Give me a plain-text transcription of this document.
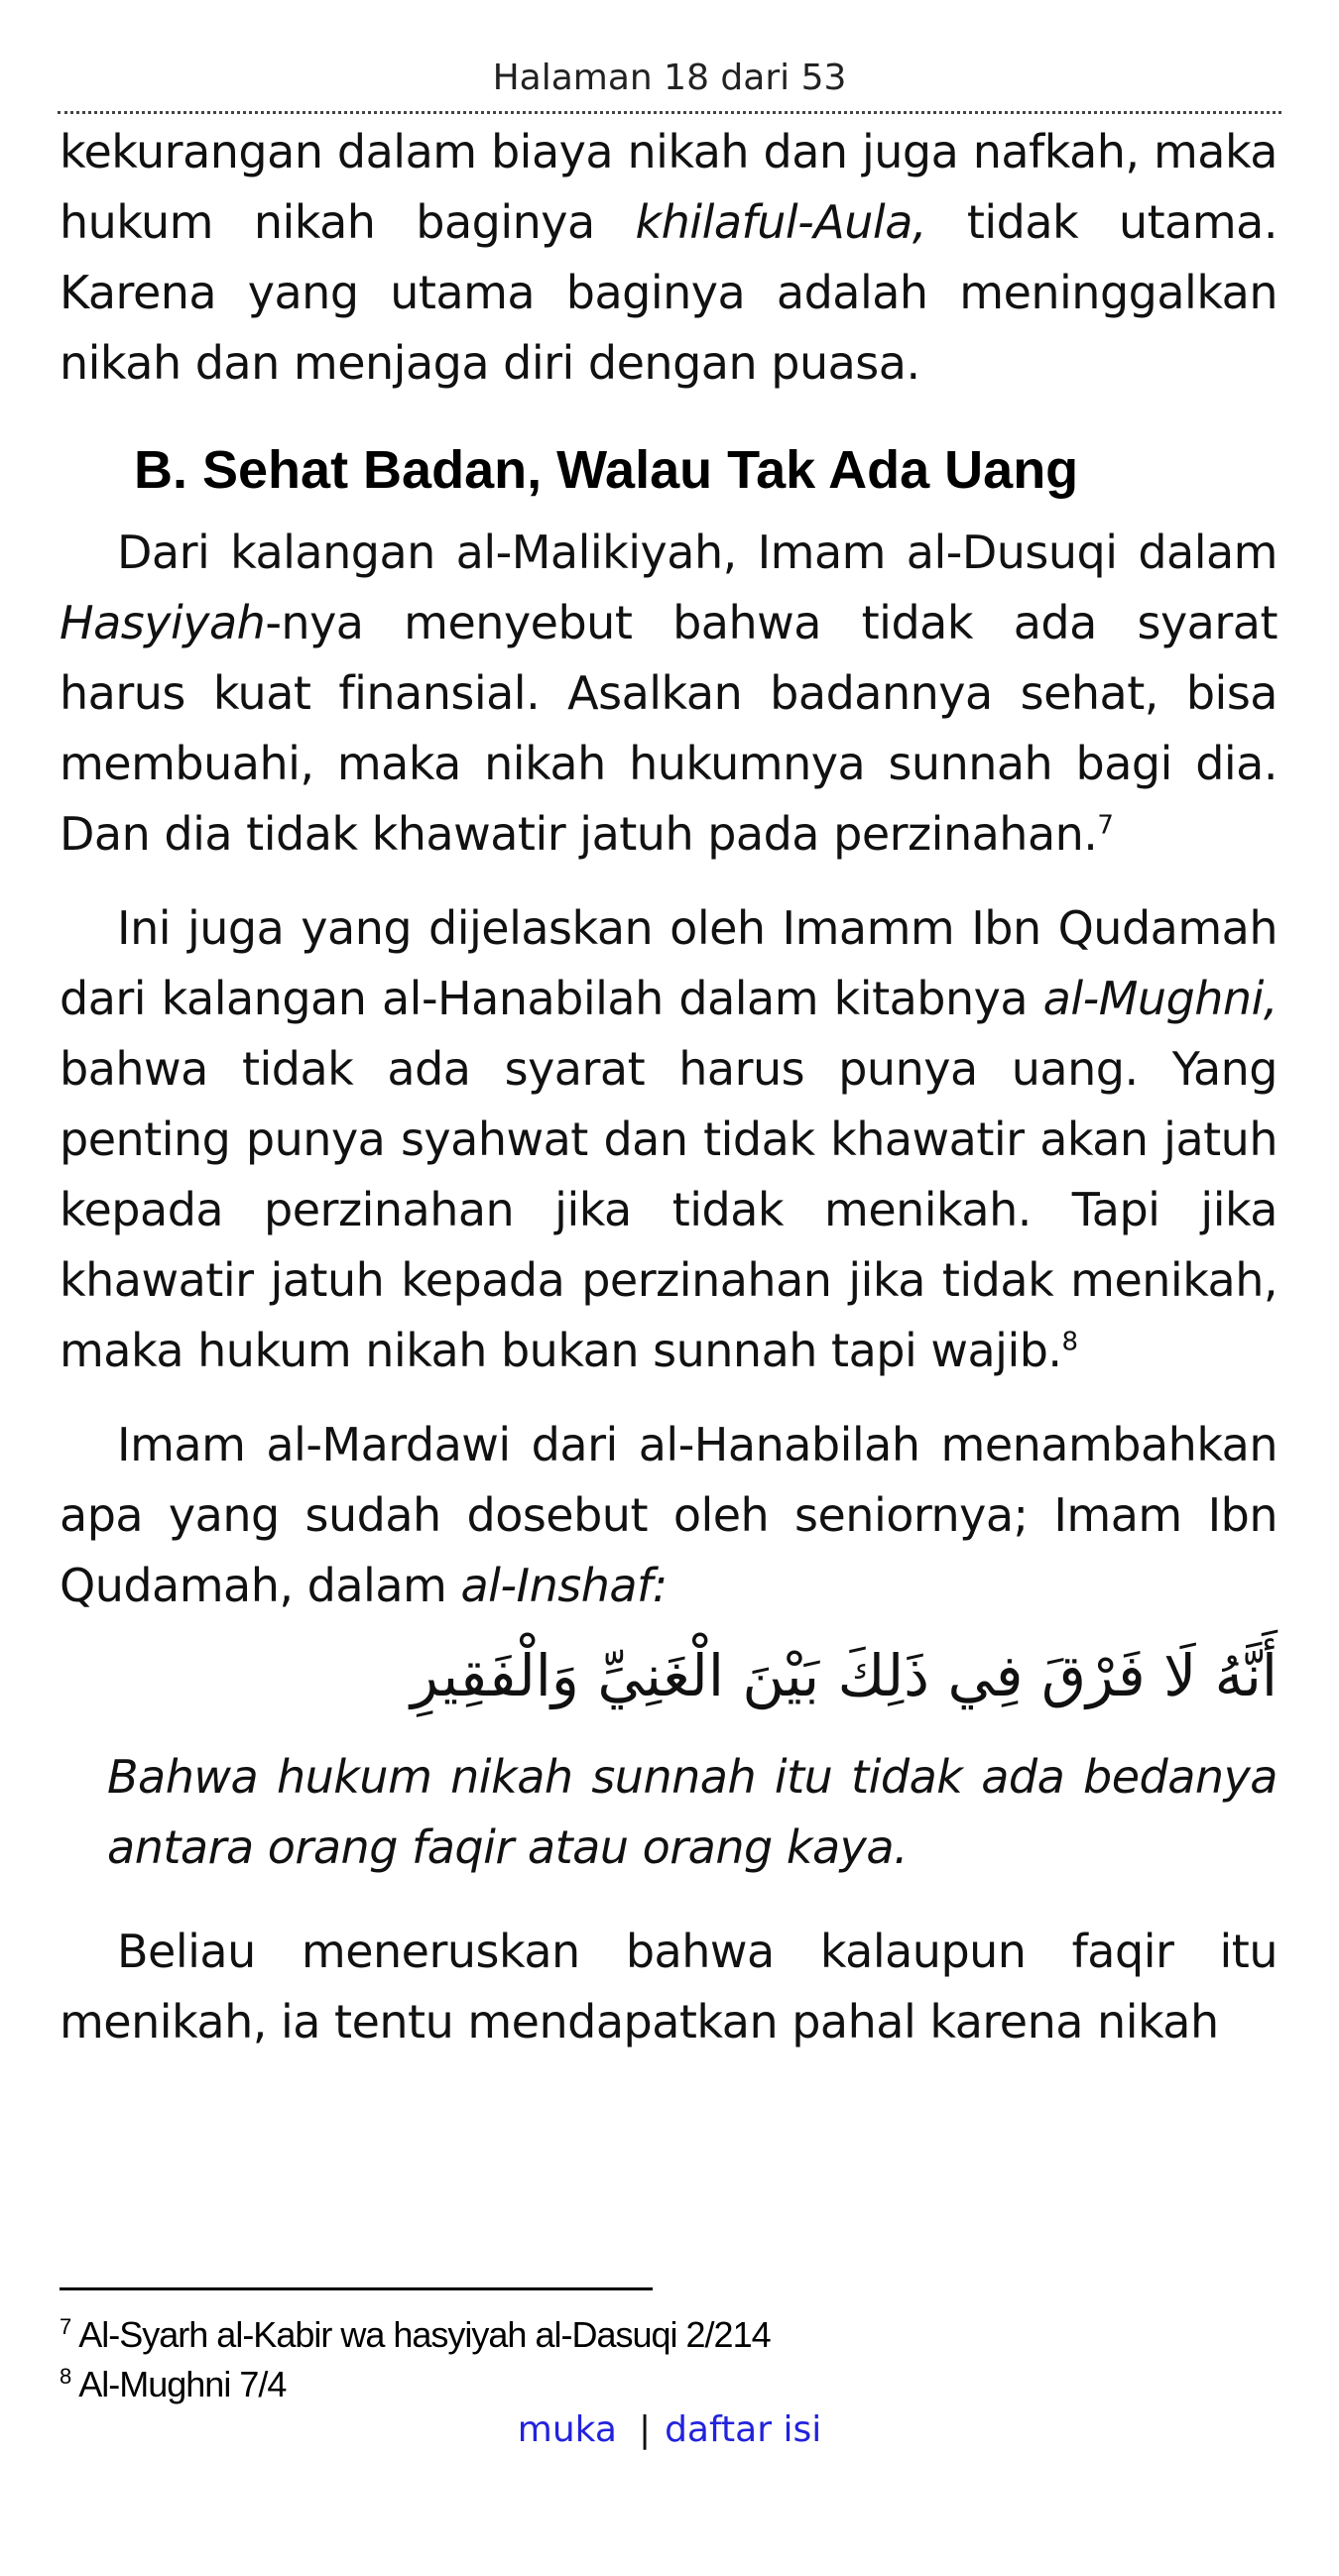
Halaman 18 dari 53

kekurangan dalam biaya nikah dan juga nafkah, maka hukum nikah baginya khilaful-Aula, tidak utama. Karena yang utama baginya adalah meninggalkan nikah dan menjaga diri dengan puasa.

B. Sehat Badan, Walau Tak Ada Uang

Dari kalangan al-Malikiyah, Imam al-Dusuqi dalam Hasyiyah-nya menyebut bahwa tidak ada syarat harus kuat finansial. Asalkan badannya sehat, bisa membuahi, maka nikah hukumnya sunnah bagi dia. Dan dia tidak khawatir jatuh pada perzinahan.$^7$

Ini juga yang dijelaskan oleh Imamm Ibn Qudamah dari kalangan al-Hanabilah dalam kitabnya al-Mughni, bahwa tidak ada syarat harus punya uang. Yang penting punya syahwat dan tidak khawatir akan jatuh kepada perzinahan jika tidak menikah. Tapi jika khawatir jatuh kepada perzinahan jika tidak menikah, maka hukum nikah bukan sunnah tapi wajib.$^8$

Imam al-Mardawi dari al-Hanabilah menambahkan apa yang sudah dosebut oleh seniornya; Imam Ibn Qudamah, dalam al-Inshaf:

أَنَّهُ لَا فَرْقَ فِي ذَلِكَ بَيْنَ الْغَنِيِّ وَالْفَقِيرِ

Bahwa hukum nikah sunnah itu tidak ada bedanya antara orang faqir atau orang kaya.

Beliau meneruskan bahwa kalaupun faqir itu menikah, ia tentu mendapatkan pahal karena nikah

$^7$ Al-Syarh al-Kabir wa hasyiyah al-Dasuqi 2/214
$^8$ Al-Mughni 7/4
muka | daftar isi
